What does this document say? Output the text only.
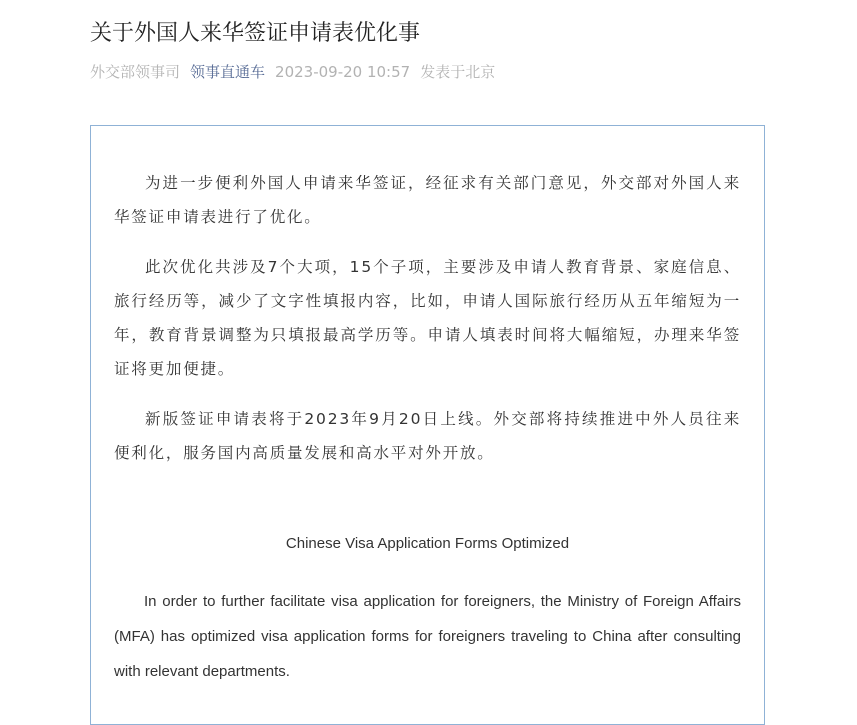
关于外国人来华签证申请表优化事
外交部领事司 领事直通车 2023-09-20 10:57 发表于北京

为进一步便利外国人申请来华签证，经征求有关部门意见，外交部对外国人来华签证申请表进行了优化。

此次优化共涉及7个大项，15个子项，主要涉及申请人教育背景、家庭信息、旅行经历等，减少了文字性填报内容，比如，申请人国际旅行经历从五年缩短为一年，教育背景调整为只填报最高学历等。申请人填表时间将大幅缩短，办理来华签证将更加便捷。

新版签证申请表将于2023年9月20日上线。外交部将持续推进中外人员往来便利化，服务国内高质量发展和高水平对外开放。

Chinese Visa Application Forms Optimized

In order to further facilitate visa application for foreigners, the Ministry of Foreign Affairs (MFA) has optimized visa application forms for foreigners traveling to China after consulting with relevant departments.
